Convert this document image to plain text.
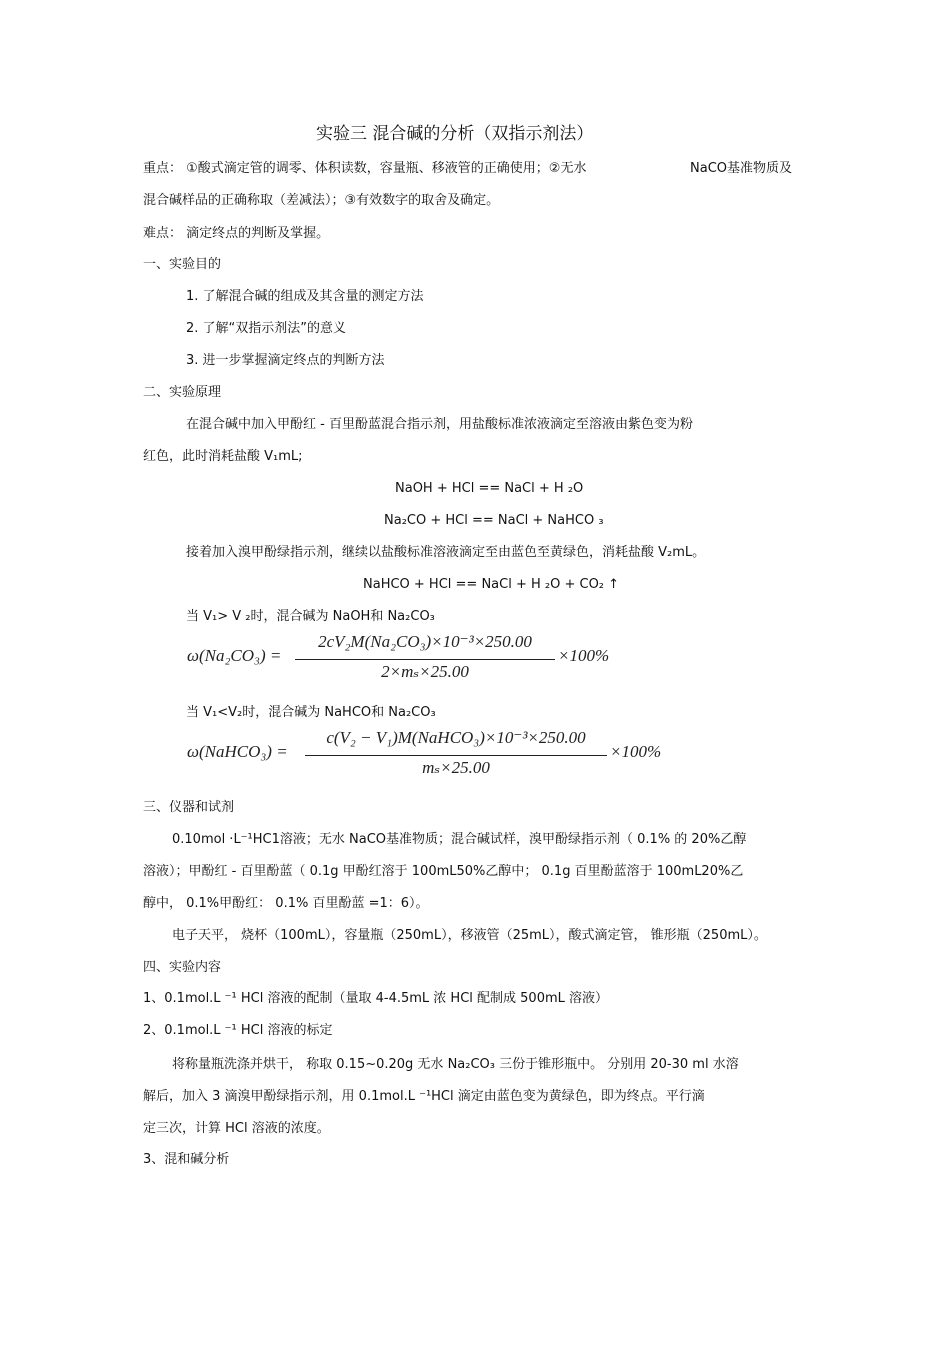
实验三 混合碱的分析（双指示剂法）
重点： ①酸式滴定管的调零、体积读数，容量瓶、移液管的正确使用；②无水	NaCO基准物质及
混合碱样品的正确称取（差减法）；③有效数字的取舍及确定。
难点： 滴定终点的判断及掌握。
一、实验目的
1. 了解混合碱的组成及其含量的测定方法
2. 了解“双指示剂法”的意义
3. 进一步掌握滴定终点的判断方法
二、实验原理
在混合碱中加入甲酚红 - 百里酚蓝混合指示剂，用盐酸标准浓液滴定至溶液由紫色变为粉
红色，此时消耗盐酸 V₁mL;
NaOH + HCl == NaCl + H ₂O
Na₂CO + HCl == NaCl + NaHCO ₃
接着加入溴甲酚绿指示剂，继续以盐酸标准溶液滴定至由蓝色至黄绿色，消耗盐酸 V₂mL。
NaHCO + HCl == NaCl + H ₂O + CO₂ ↑
当 V₁> V ₂时，混合碱为 NaOH和 Na₂CO₃
ω(Na₂CO₃) =
2cV₂M(Na₂CO₃)×10⁻³×250.00
2×mₛ×25.00
×100%
当 V₁<V₂时，混合碱为 NaHCO和 Na₂CO₃
ω(NaHCO₃) =
c(V₂ − V₁)M(NaHCO₃)×10⁻³×250.00
mₛ×25.00
×100%
三、仪器和试剂
0.10mol ·L⁻¹HC1溶液；无水 NaCO基准物质；混合碱试样，溴甲酚绿指示剂（ 0.1% 的 20%乙醇
溶液）；甲酚红 - 百里酚蓝（ 0.1g 甲酚红溶于 100mL50%乙醇中； 0.1g 百里酚蓝溶于 100mL20%乙
醇中， 0.1%甲酚红： 0.1% 百里酚蓝 =1：6）。
电子天平， 烧杯（100mL），容量瓶（250mL），移液管（25mL），酸式滴定管， 锥形瓶（250mL）。
四、实验内容
1、0.1mol.L ⁻¹ HCl 溶液的配制（量取 4-4.5mL 浓 HCl 配制成 500mL 溶液）
2、0.1mol.L ⁻¹ HCl 溶液的标定
将称量瓶洗涤并烘干， 称取 0.15~0.20g 无水 Na₂CO₃ 三份于锥形瓶中。 分别用 20-30 ml 水溶
解后，加入 3 滴溴甲酚绿指示剂，用 0.1mol.L ⁻¹HCl 滴定由蓝色变为黄绿色，即为终点。平行滴
定三次，计算 HCl 溶液的浓度。
3、混和碱分析
